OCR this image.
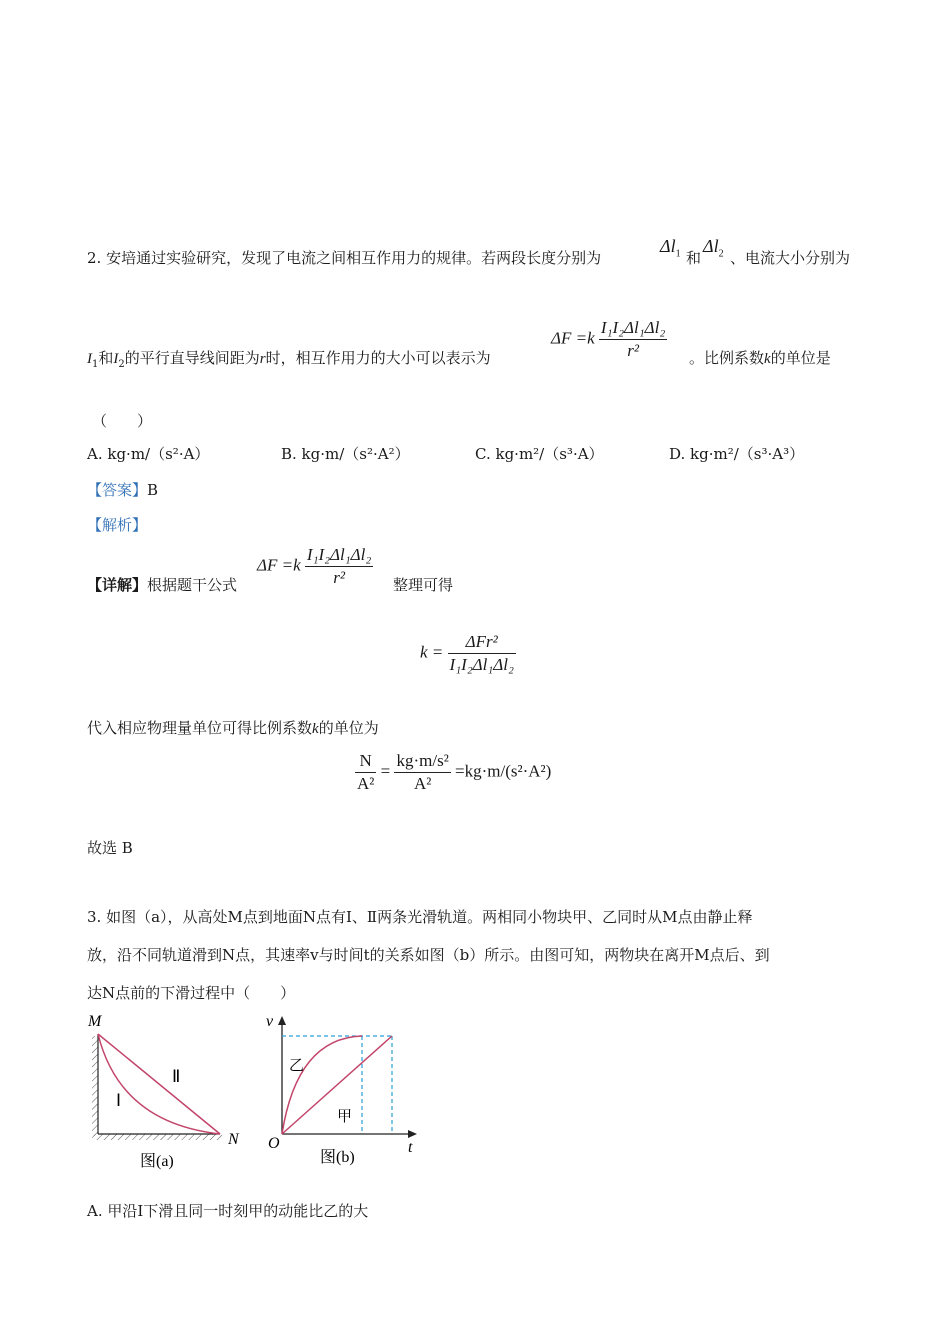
2. 安培通过实验研究，发现了电流之间相互作用力的规律。若两段长度分别为
$\Delta l_1$ 和
$\Delta l_2$ 、电流大小分别为
$I_1$和$I_2$的平行直导线间距为r时，相互作用力的大小可以表示为
$\Delta F =k \frac{\text{I₁I₂Δl₁Δl₂}}{\text{r²}}$ 。比例系数k的单位是
（　　）
A. kg·m/（s²·A）	B. kg·m/（s²·A²）	C. kg·m²/（s³·A）	D. kg·m²/（s³·A³）
【答案】B
【解析】
【详解】根据题干公式
$\Delta F =k \frac{\text{I₁I₂Δl₁Δl₂}}{\text{r²}}$ 整理可得
$k = \frac{\text{ΔFr²}}{\text{I₁I₂Δl₁Δl₂}}$
代入相应物理量单位可得比例系数k的单位为
$\frac{N}{\text{A²}} = \frac{\text{kg·m/s²}}{\text{A²}} =kg\cdot m/(s^2\cdot A^2)$
故选 B
3. 如图（a），从高处M点到地面N点有Ⅰ、Ⅱ两条光滑轨道。两相同小物块甲、乙同时从M点由静止释
放，沿不同轨道滑到N点，其速率v与时间t的关系如图（b）所示。由图可知，两物块在离开M点后、到
达N点前的下滑过程中（　　）
M
N
Ⅰ
Ⅱ
图(a)
v
t
O
乙
甲
图(b)
A. 甲沿Ⅰ下滑且同一时刻甲的动能比乙的大
